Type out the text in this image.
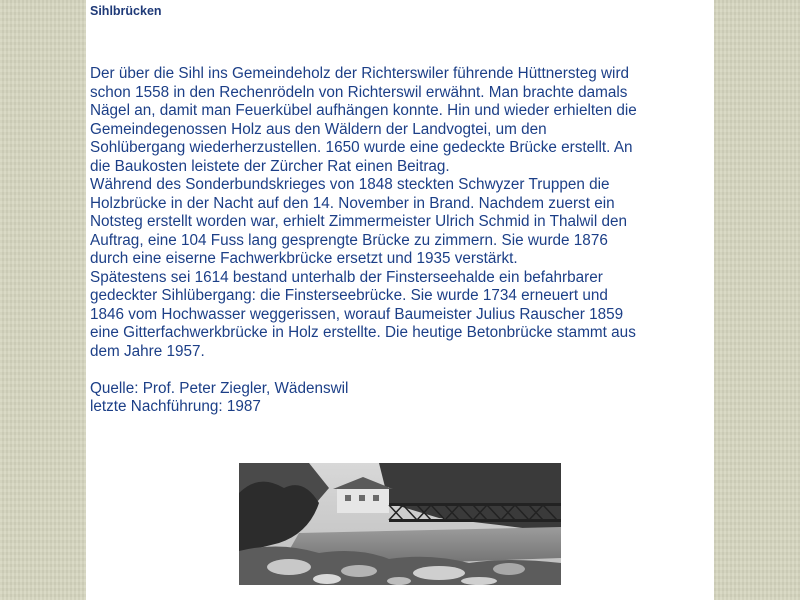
Sihlbrücken

Der über die Sihl ins Gemeindeholz der Richterswiler führende Hüttnersteg wird
schon 1558 in den Rechenrödeln von Richterswil erwähnt. Man brachte damals
Nägel an, damit man Feuerkübel aufhängen konnte. Hin und wieder erhielten die
Gemeindegenossen Holz aus den Wäldern der Landvogtei, um den
Sohlübergang wiederherzustellen. 1650 wurde eine gedeckte Brücke erstellt. An
die Baukosten leistete der Zürcher Rat einen Beitrag.

Während des Sonderbundskrieges von 1848 steckten Schwyzer Truppen die
Holzbrücke in der Nacht auf den 14. November in Brand. Nachdem zuerst ein
Notsteg erstellt worden war, erhielt Zimmermeister Ulrich Schmid in Thalwil den
Auftrag, eine 104 Fuss lang gesprengte Brücke zu zimmern. Sie wurde 1876
durch eine eiserne Fachwerkbrücke ersetzt und 1935 verstärkt.

Spätestens sei 1614 bestand unterhalb der Finsterseehalde ein befahrbarer
gedeckter Sihlübergang: die Finsterseebrücke. Sie wurde 1734 erneuert und
1846 vom Hochwasser weggerissen, worauf Baumeister Julius Rauscher 1859
eine Gitterfachwerkbrücke in Holz erstellte. Die heutige Betonbrücke stammt aus
dem Jahre 1957.

Quelle: Prof. Peter Ziegler, Wädenswil

letzte Nachführung: 1987
